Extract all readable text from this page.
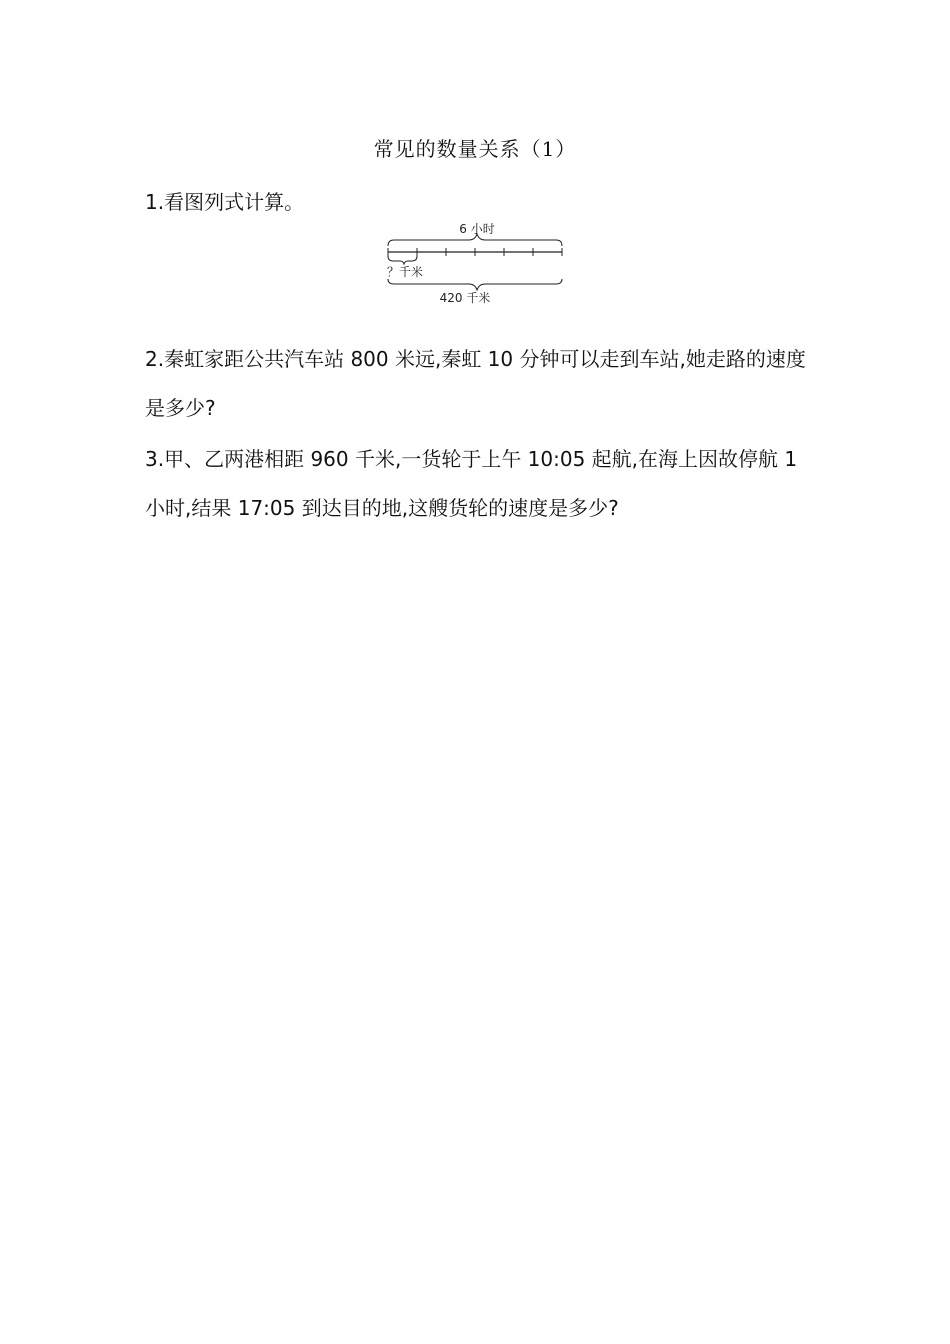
常见的数量关系（1）
1.看图列式计算。
6 小时
？千米
420 千米
2.秦虹家距公共汽车站 800 米远,秦虹 10 分钟可以走到车站,她走路的速度是多少?
3.甲、乙两港相距 960 千米,一货轮于上午 10:05 起航,在海上因故停航 1 小时,结果 17:05 到达目的地,这艘货轮的速度是多少?
